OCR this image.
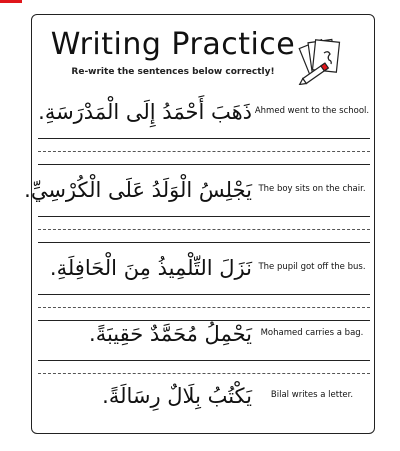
Writing Practice
Re-write the sentences below correctly!
ذَهَبَ أَحْمَدُ إِلَى الْمَدْرَسَةِ. Ahmed went to the school.
يَجْلِسُ الْوَلَدُ عَلَى الْكُرْسِيِّ. The boy sits on the chair.
نَزَلَ التِّلْمِيذُ مِنَ الْحَافِلَةِ. The pupil got off the bus.
يَحْمِلُ مُحَمَّدٌ حَقِيبَةً.	Mohamed carries a bag.
يَكْتُبُ بِلَالٌ رِسَالَةً.	Bilal writes a letter.
